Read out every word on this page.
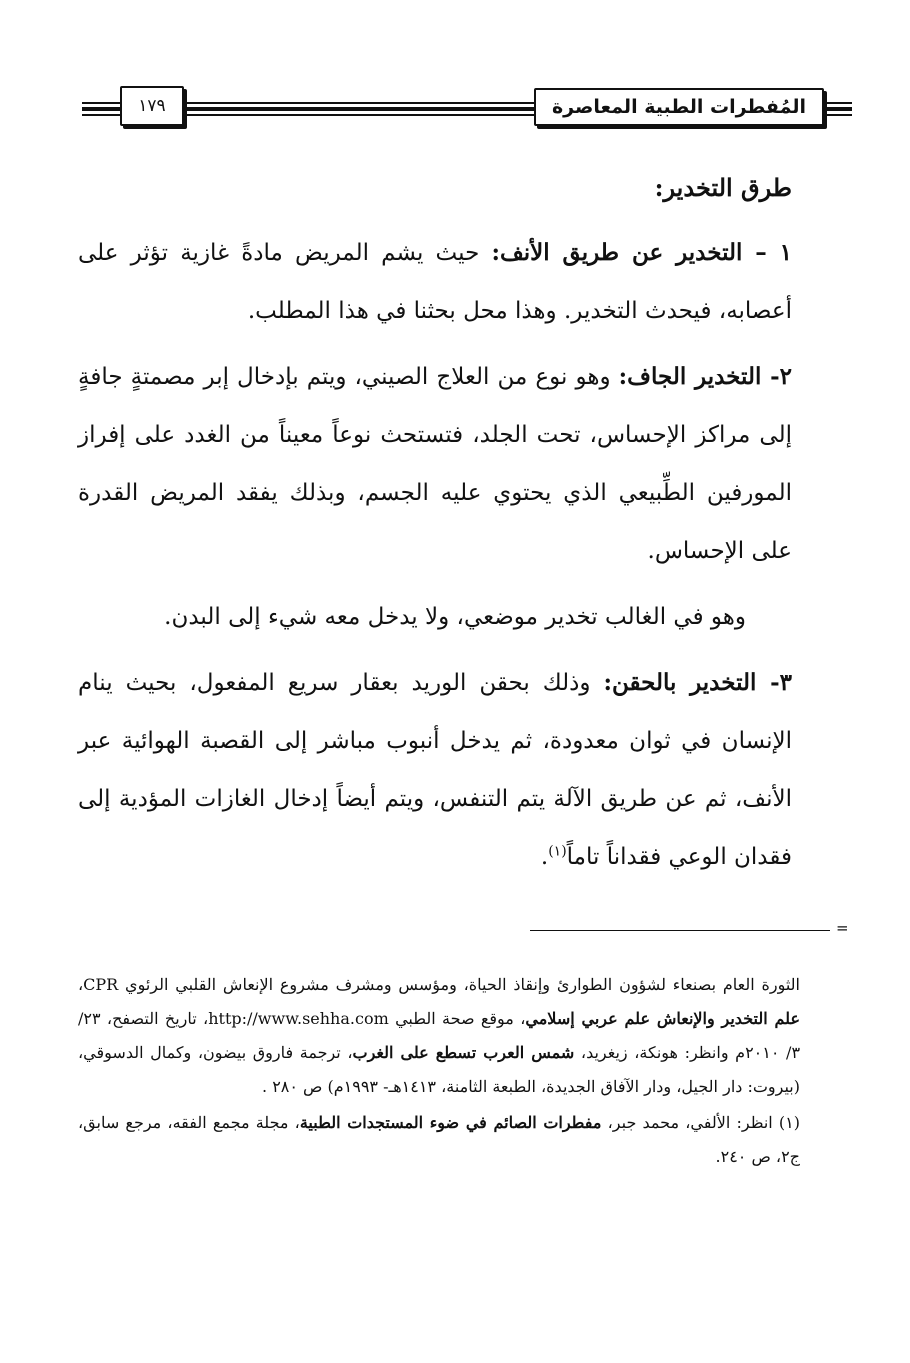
المُفطرات الطبية المعاصرة
١٧٩
طرق التخدير:

١ – التخدير عن طريق الأنف: حيث يشم المريض مادةً غازية تؤثر على أعصابه، فيحدث التخدير. وهذا محل بحثنا في هذا المطلب.

٢- التخدير الجاف: وهو نوع من العلاج الصيني، ويتم بإدخال إبر مصمتةٍ جافةٍ إلى مراكز الإحساس، تحت الجلد، فتستحث نوعاً معيناً من الغدد على إفراز المورفين الطِّبيعي الذي يحتوي عليه الجسم، وبذلك يفقد المريض القدرة على الإحساس.

وهو في الغالب تخدير موضعي، ولا يدخل معه شيء إلى البدن.

٣- التخدير بالحقن: وذلك بحقن الوريد بعقار سريع المفعول، بحيث ينام الإنسان في ثوان معدودة، ثم يدخل أنبوب مباشر إلى القصبة الهوائية عبر الأنف، ثم عن طريق الآلة يتم التنفس، ويتم أيضاً إدخال الغازات المؤدية إلى فقدان الوعي فقداناً تاماً$^{(١)}$.

=

الثورة العام بصنعاء لشؤون الطوارئ وإنقاذ الحياة، ومؤسس ومشرف مشروع الإنعاش القلبي الرئوي CPR، علم التخدير والإنعاش علم عربي إسلامي، موقع صحة الطبي http://www.sehha.com، تاريخ التصفح، ٢٣/ ٣/ ٢٠١٠م وانظر: هونكة، زيغريد، شمس العرب تسطع على الغرب، ترجمة فاروق بيضون، وكمال الدسوقي، (بيروت: دار الجيل، ودار الآفاق الجديدة، الطبعة الثامنة، ١٤١٣هـ- ١٩٩٣م) ص ٢٨٠ .

(١) انظر: الألفي، محمد جبر، مفطرات الصائم في ضوء المستجدات الطبية، مجلة مجمع الفقه، مرجع سابق، ج٢، ص ٢٤٠.
